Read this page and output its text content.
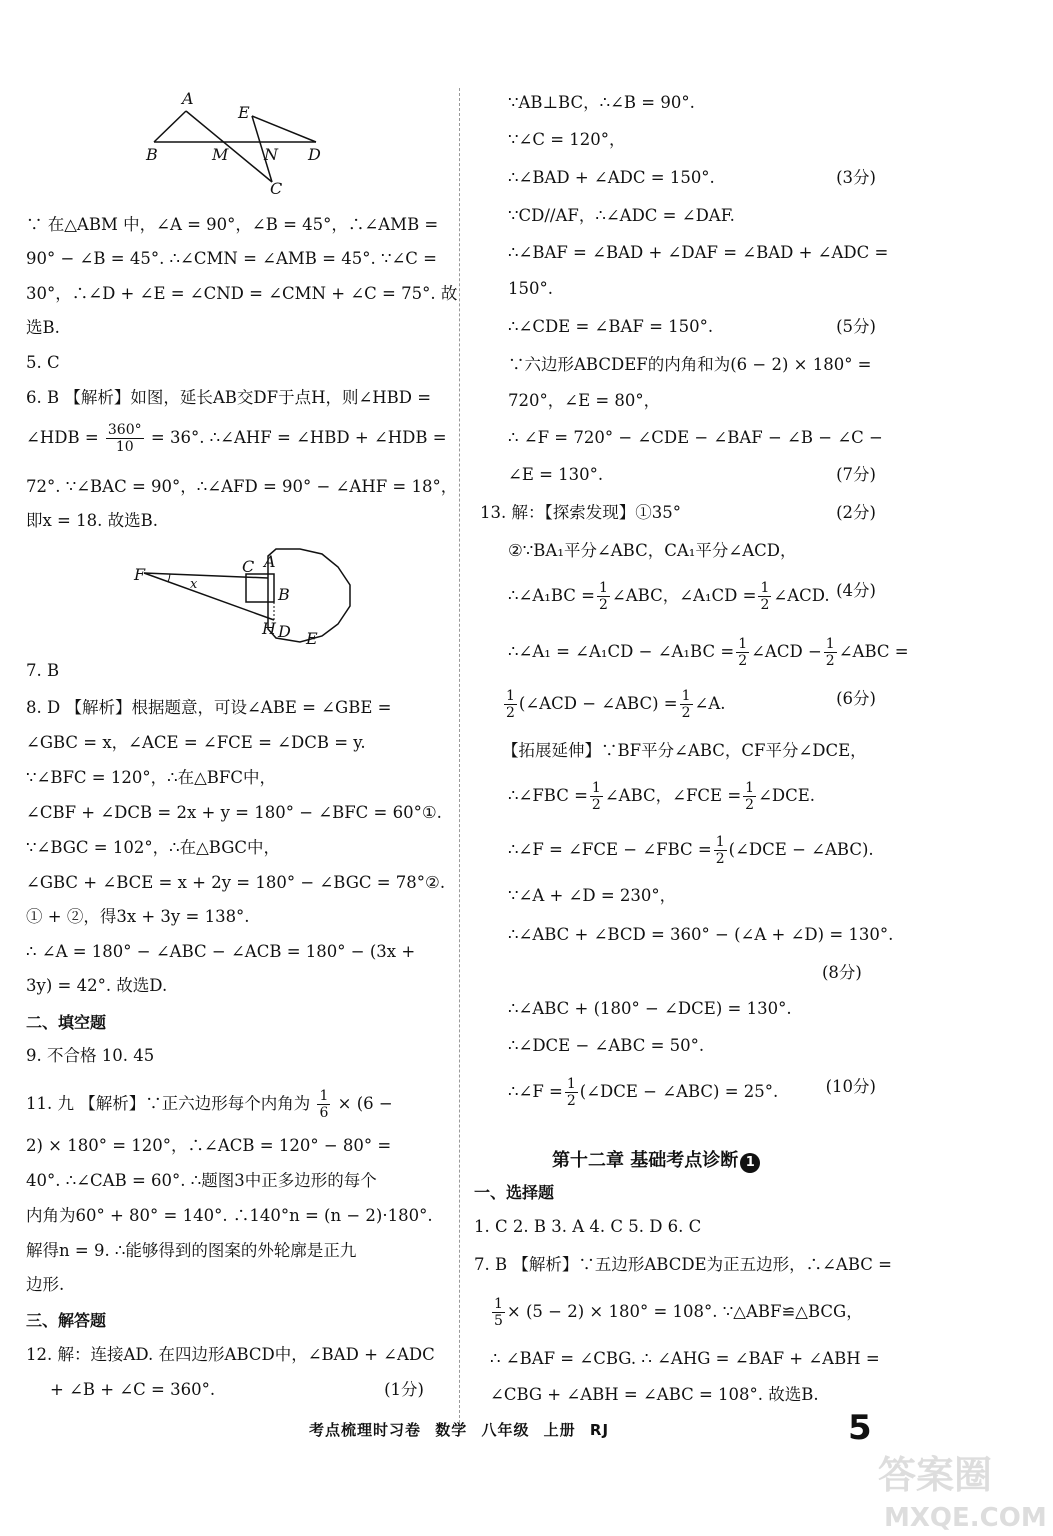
A
B	M
E
N D
C
F
x
C A
B
H D E
∵ 在△ABM 中，∠A = 90°，∠B = 45°，∴∠AMB =
90° − ∠B = 45°. ∴∠CMN = ∠AMB = 45°. ∵∠C =
30°，∴∠D + ∠E = ∠CND = ∠CMN + ∠C = 75°. 故
选B.
5. C
6. B 【解析】如图，延长AB交DF于点H，则∠HBD =
∠HDB = $\frac{360^\circ}{10} = 36^\circ$. ∴∠AHF = ∠HBD + ∠HDB =
72°. ∵∠BAC = 90°，∴∠AFD = 90° − ∠AHF = 18°，
即x = 18. 故选B.
7. B
8. D 【解析】根据题意，可设∠ABE = ∠GBE =
∠GBC = x，∠ACE = ∠FCE = ∠DCB = y.
∵∠BFC = 120°，∴在△BFC中，
∠CBF + ∠DCB = 2x + y = 180° − ∠BFC = 60°①.
∵∠BGC = 102°，∴在△BGC中，
∠GBC + ∠BCE = x + 2y = 180° − ∠BGC = 78°②.
① + ②，得3x + 3y = 138°.
∴ ∠A = 180° − ∠ABC − ∠ACB = 180° − (3x +
3y) = 42°. 故选D.
二、填空题
9. 不合格 10. 45
11. 九 【解析】∵正六边形每个内角为 $\frac{1}{6} \times (6$ −
2) × 180° = 120°，∴∠ACB = 120° − 80° =
40°. ∴∠CAB = 60°. ∴题图3中正多边形的每个
内角为60° + 80° = 140°. ∴140°n = (n − 2)·180°.
解得n = 9. ∴能够得到的图案的外轮廓是正九
边形.
三、解答题
12. 解：连接AD. 在四边形ABCD中，∠BAD + ∠ADC
+ ∠B + ∠C = 360°.	(1分)
∵AB⊥BC，∴∠B = 90°.
∵∠C = 120°，
∴∠BAD + ∠ADC = 150°.	(3分)
∵CD//AF，∴∠ADC = ∠DAF.
∴∠BAF = ∠BAD + ∠DAF = ∠BAD + ∠ADC =
150°.
∴∠CDE = ∠BAF = 150°.	(5分)
∵六边形ABCDEF的内角和为(6 − 2) × 180° =
720°，∠E = 80°，
∴ ∠F = 720° − ∠CDE − ∠BAF − ∠B − ∠C −
∠E = 130°.	(7分)
13. 解：【探索发现】①35°	(2分)
②∵BA₁平分∠ABC，CA₁平分∠ACD，
∴∠A₁BC = $\frac{1}{2}$ ∠ABC，∠A₁CD = $\frac{1}{2}$ ∠ACD. (4分)
∴∠A₁ = ∠A₁CD − ∠A₁BC = $\frac{1}{2}$ ∠ACD − $\frac{1}{2}$ ∠ABC =
$\frac{1}{2}$ (∠ACD − ∠ABC) = $\frac{1}{2}$ ∠A.	(6分)
【拓展延伸】∵BF平分∠ABC，CF平分∠DCE，
∴∠FBC = $\frac{1}{2}$ ∠ABC，∠FCE = $\frac{1}{2}$ ∠DCE.
∴∠F = ∠FCE − ∠FBC = $\frac{1}{2}$ (∠DCE − ∠ABC).
∵∠A + ∠D = 230°，
∴∠ABC + ∠BCD = 360° − (∠A + ∠D) = 130°.
(8分)
∴∠ABC + (180° − ∠DCE) = 130°.
∴∠DCE − ∠ABC = 50°.
∴∠F = $\frac{1}{2}$ (∠DCE − ∠ABC) = 25°.	(10分)
第十二章 基础考点诊断 1
一、选择题
1. C 2. B 3. A 4. C 5. D 6. C
7. B 【解析】∵五边形ABCDE为正五边形，∴∠ABC =
$\frac{1}{5} \times (5 - 2) \times 180^\circ = 108^\circ$. ∵△ABF≌△BCG，
∴ ∠BAF = ∠CBG. ∴ ∠AHG = ∠BAF + ∠ABH =
∠CBG + ∠ABH = ∠ABC = 108°. 故选B.
考点梳理时习卷 数学 八年级 上册 RJ	5
答案圈
MXQE.COM
